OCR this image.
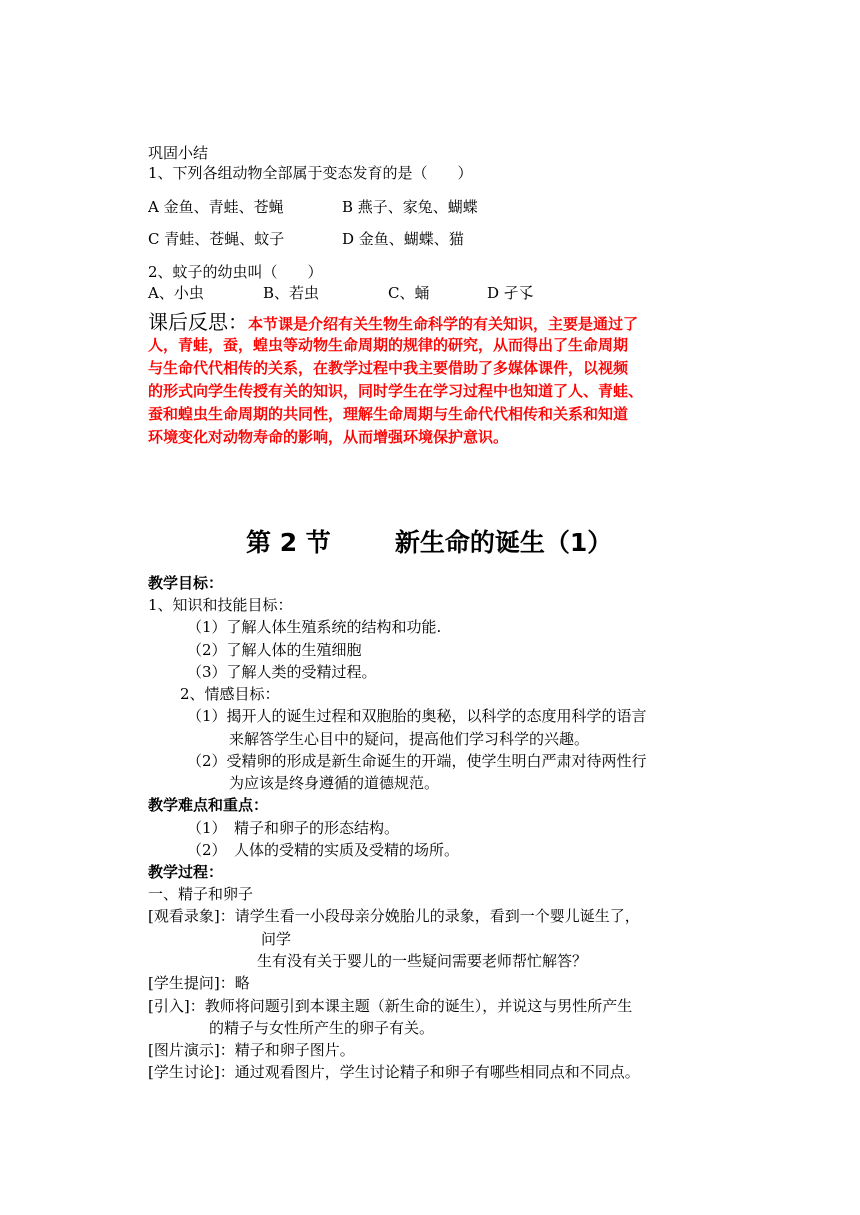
巩固小结
1、下列各组动物全部属于变态发育的是（　　）
A 金鱼、青蛙、苍蝇	B 燕子、家兔、蝴蝶
C 青蛙、苍蝇、蚊子	D 金鱼、蝴蝶、猫
2、蚊子的幼虫叫（　　）
A、小虫	B、若虫	C、蛹	D 孑孓
课后反思：本节课是介绍有关生物生命科学的有关知识，主要是通过了
人，青蛙，蚕，蝗虫等动物生命周期的规律的研究，从而得出了生命周期
与生命代代相传的关系，在教学过程中我主要借助了多媒体课件，以视频
的形式向学生传授有关的知识，同时学生在学习过程中也知道了人、青蛙、
蚕和蝗虫生命周期的共同性，理解生命周期与生命代代相传和关系和知道
环境变化对动物寿命的影响，从而增强环境保护意识。
第 2 节	新生命的诞生（1）
教学目标：
1、知识和技能目标：
（1）了解人体生殖系统的结构和功能.
（2）了解人体的生殖细胞
（3）了解人类的受精过程。
2、情感目标：
（1）揭开人的诞生过程和双胞胎的奥秘，以科学的态度用科学的语言
来解答学生心目中的疑问，提高他们学习科学的兴趣。
（2）受精卵的形成是新生命诞生的开端，使学生明白严肃对待两性行
为应该是终身遵循的道德规范。
教学难点和重点：
（1）　精子和卵子的形态结构。
（2）　人体的受精的实质及受精的场所。
教学过程：
一、精子和卵子
[观看录象]：请学生看一小段母亲分娩胎儿的录象，看到一个婴儿诞生了，
问学
生有没有关于婴儿的一些疑问需要老师帮忙解答？
[学生提问]：略
[引入]：教师将问题引到本课主题（新生命的诞生），并说这与男性所产生
的精子与女性所产生的卵子有关。
[图片演示]：精子和卵子图片。
[学生讨论]：通过观看图片，学生讨论精子和卵子有哪些相同点和不同点。
